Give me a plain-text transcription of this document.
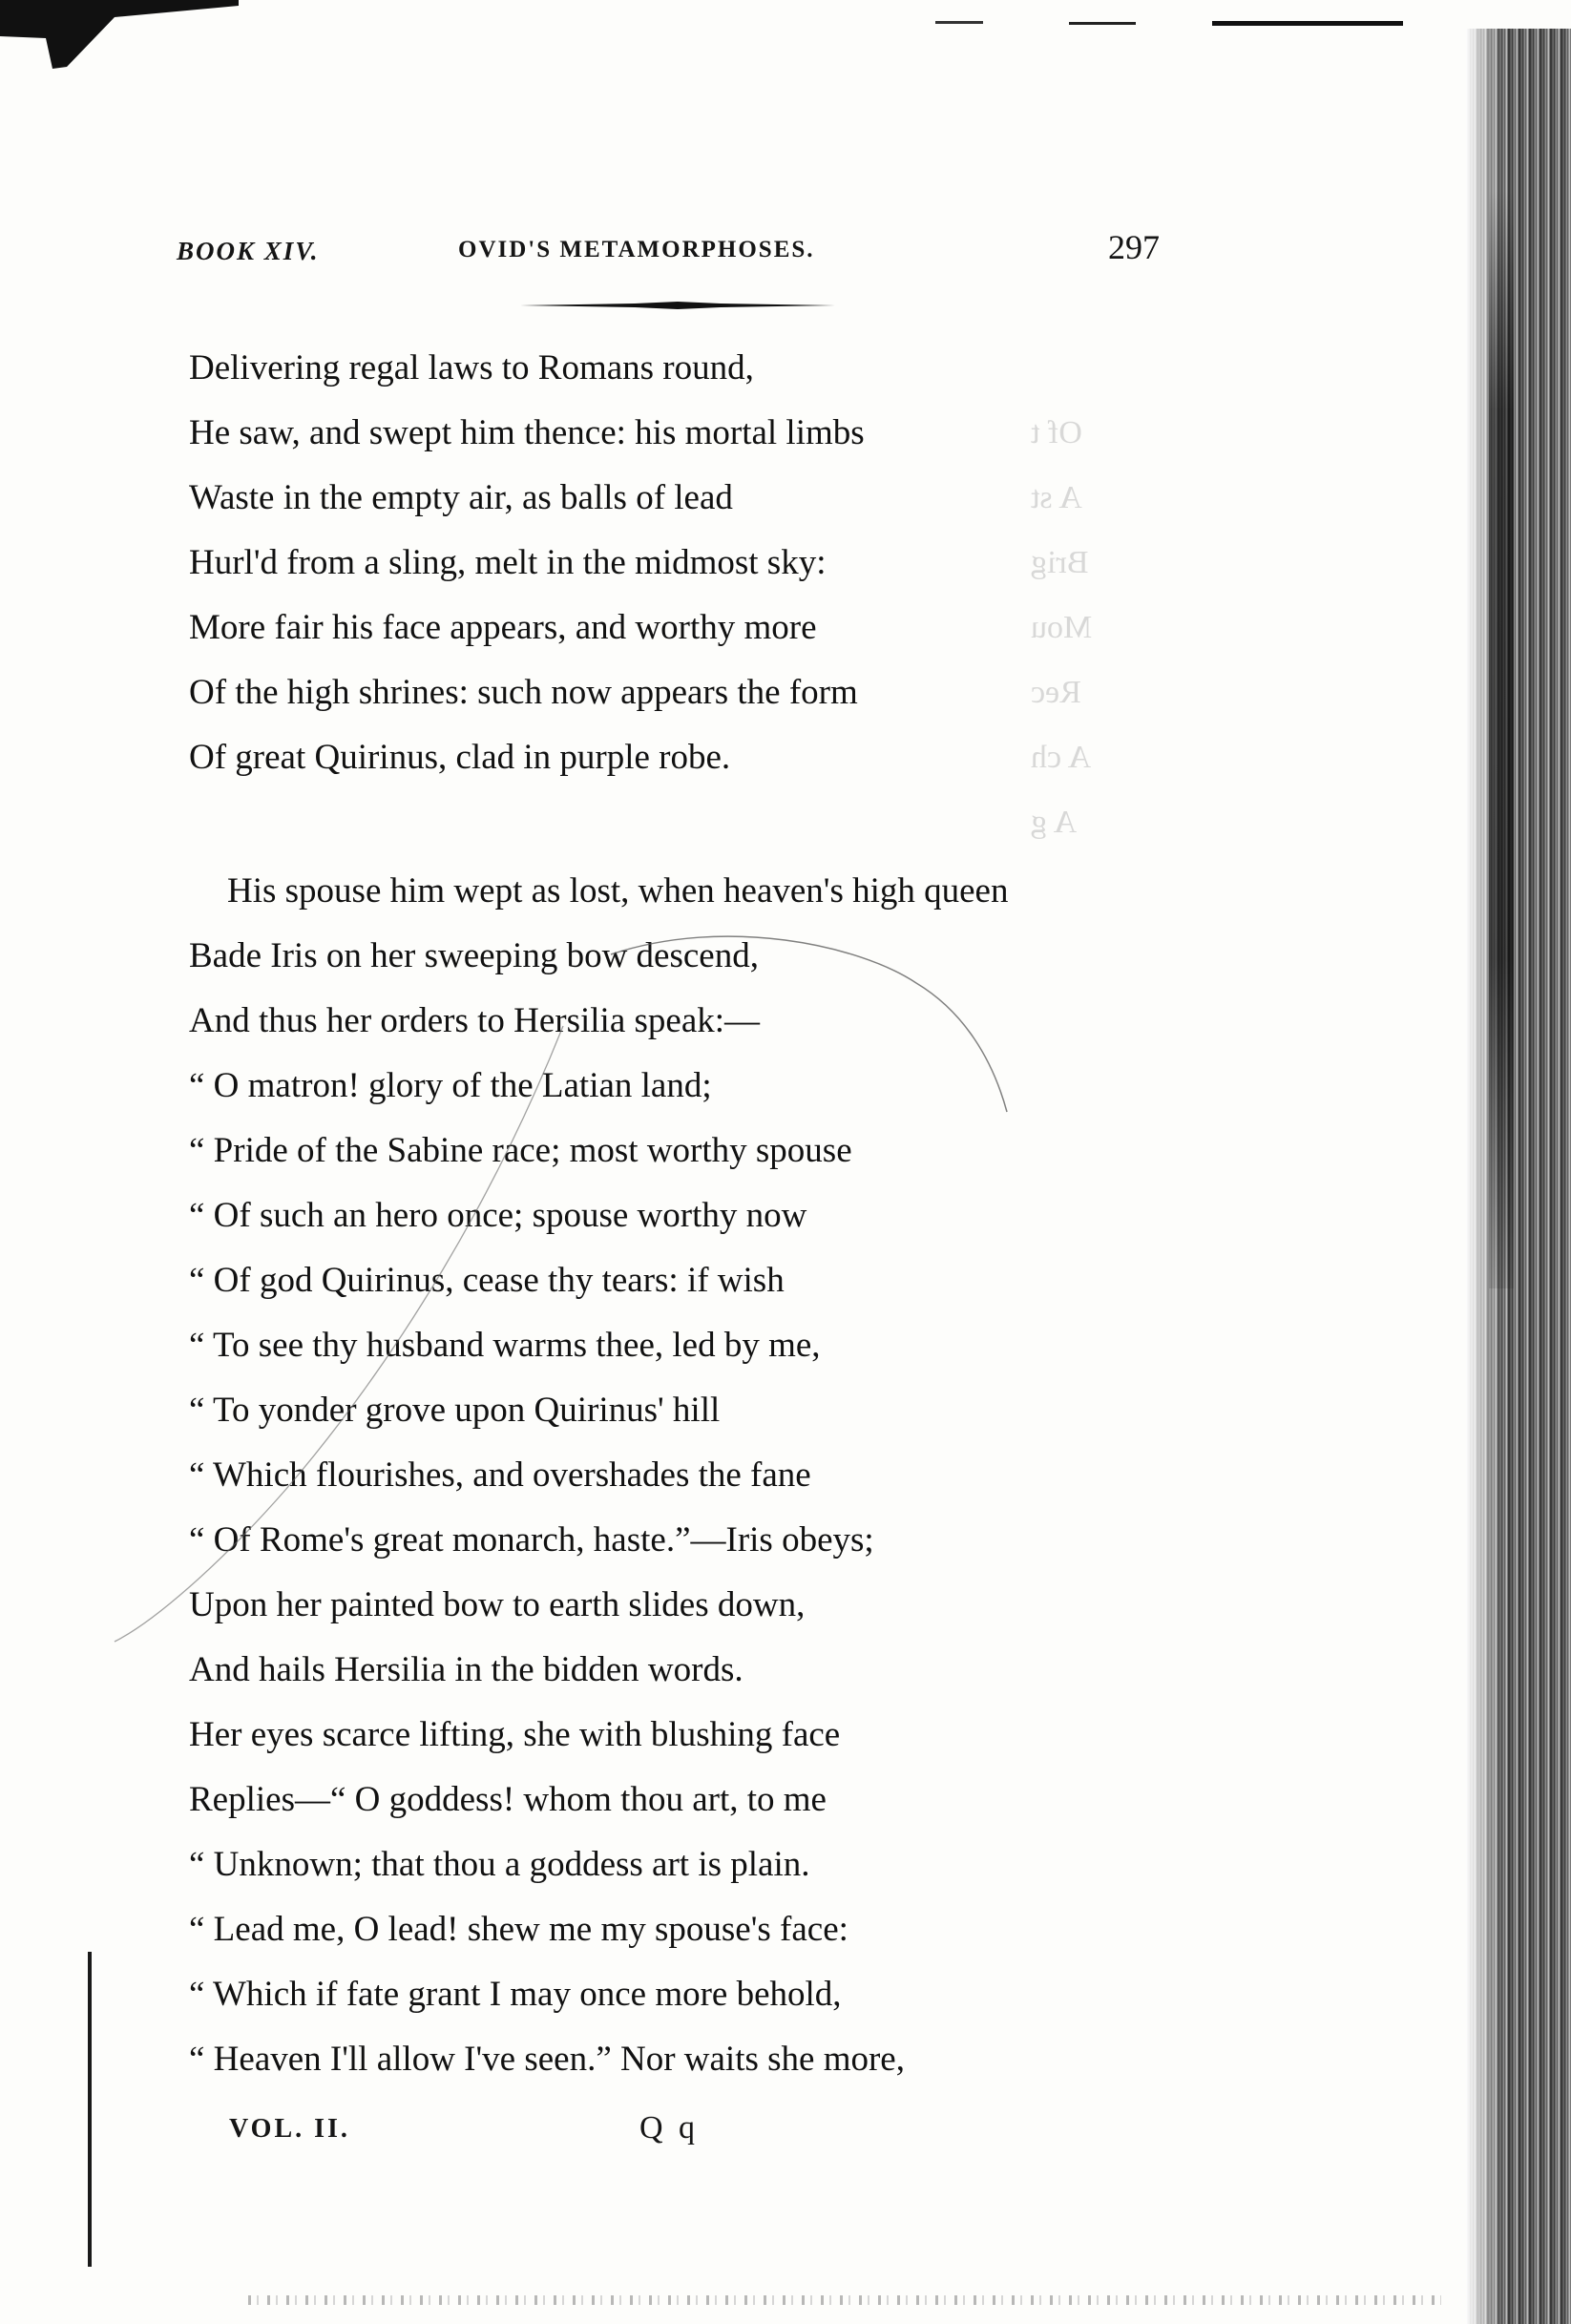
Of t
A st
Brig
Mou
Rec
A ch
A g
BOOK XIV.	OVID'S METAMORPHOSES.	297
Delivering regal laws to Romans round,
He saw, and swept him thence: his mortal limbs
Waste in the empty air, as balls of lead
Hurl'd from a sling, melt in the midmost sky:
More fair his face appears, and worthy more
Of the high shrines: such now appears the form
Of great Quirinus, clad in purple robe.
His spouse him wept as lost, when heaven's high queen
Bade Iris on her sweeping bow descend,
And thus her orders to Hersilia speak:—
“ O matron! glory of the Latian land;
“ Pride of the Sabine race; most worthy spouse
“ Of such an hero once; spouse worthy now
“ Of god Quirinus, cease thy tears: if wish
“ To see thy husband warms thee, led by me,
“ To yonder grove upon Quirinus' hill
“ Which flourishes, and overshades the fane
“ Of Rome's great monarch, haste.”—Iris obeys;
Upon her painted bow to earth slides down,
And hails Hersilia in the bidden words.
Her eyes scarce lifting, she with blushing face
Replies—“ O goddess! whom thou art, to me
“ Unknown; that thou a goddess art is plain.
“ Lead me, O lead! shew me my spouse's face:
“ Which if fate grant I may once more behold,
“ Heaven I'll allow I've seen.” Nor waits she more,
VOL. II.	Q q
